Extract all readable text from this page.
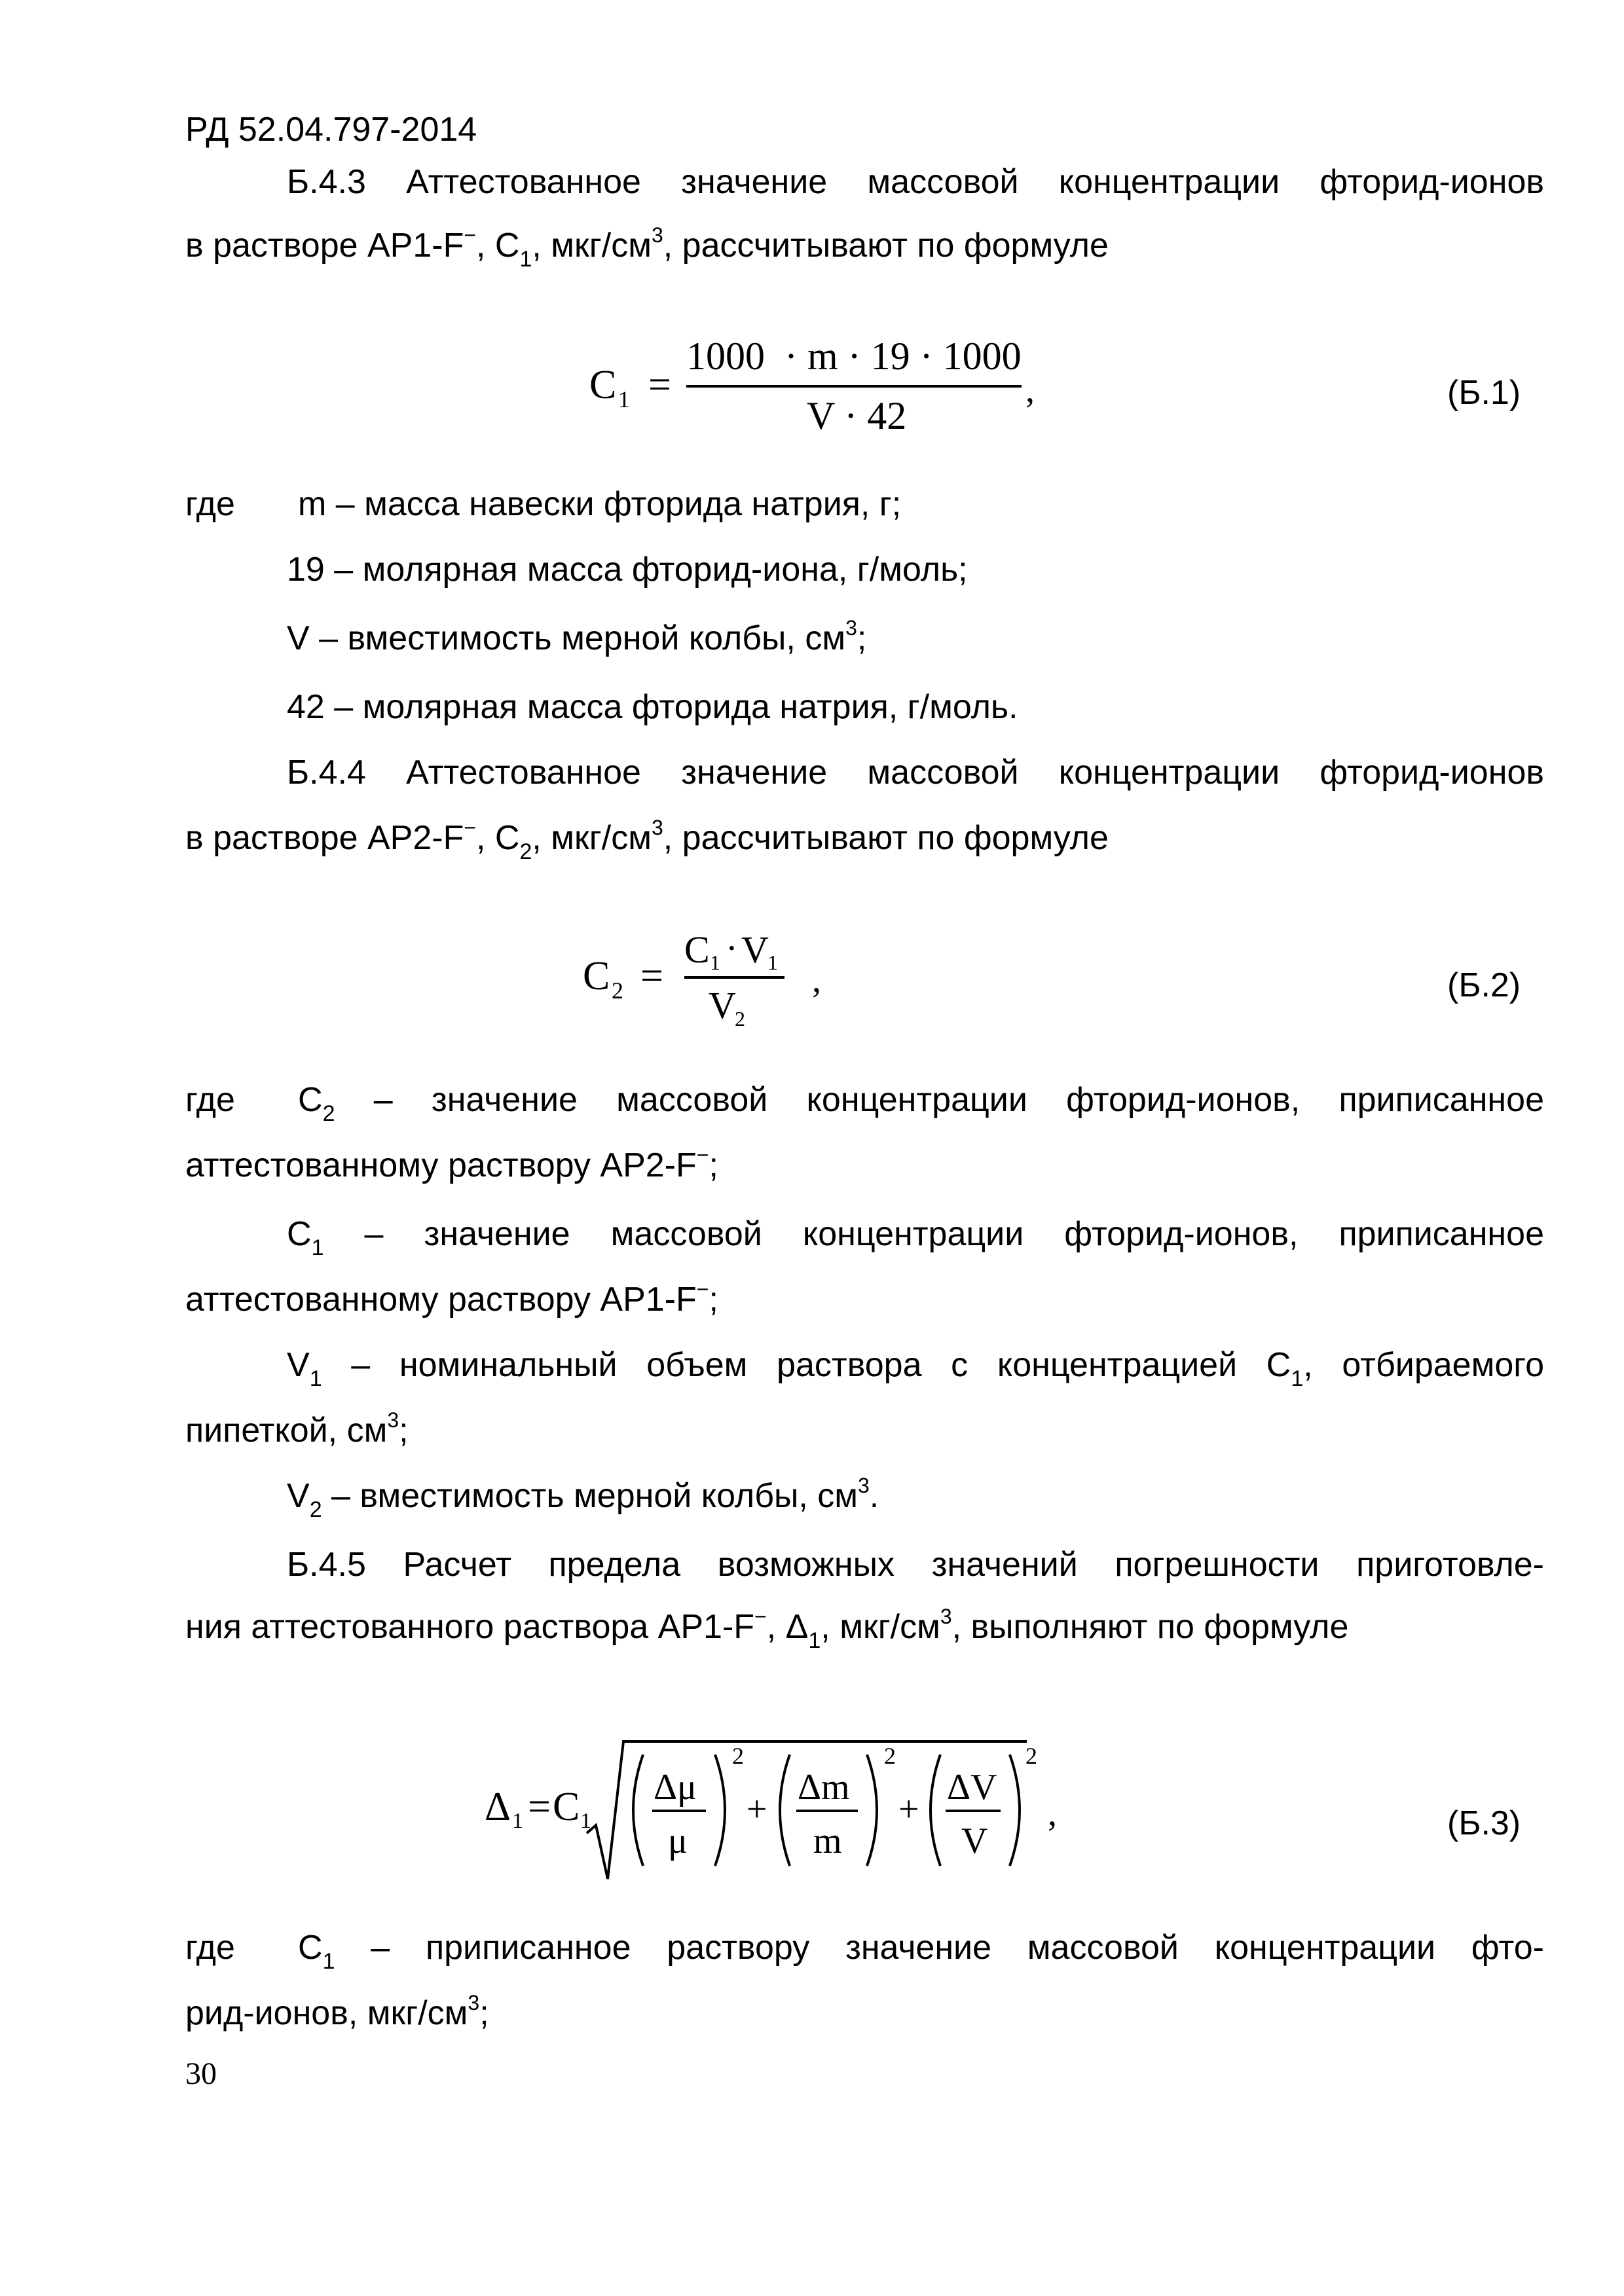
РД 52.04.797-2014
Б.4.3 Аттестованное значение массовой концентрации фторид-ионов
в растворе АР1-F−, $С_1$, мкг/$см^3$, рассчитывают по формуле
C 1 =
1000  · m · 19 · 1000
V · 42
,	(Б.1)
где m – масса навески фторида натрия, г;
19 – молярная масса фторид-иона, г/моль;
V – вместимость мерной колбы, $см^3$;
42 – молярная масса фторида натрия, г/моль.
Б.4.4 Аттестованное значение массовой концентрации фторид-ионов
в растворе АР2-F−, $С_2$, мкг/$см^3$, рассчитывают по формуле
C 2 =
C 1 · V
1
V
2
,	(Б.2)
где $С_2$ – значение массовой концентрации фторид-ионов, приписанное
аттестованному раствору АР2-F−;
$С_1$ – значение массовой концентрации фторид-ионов, приписанное
аттестованному раствору АР1-F−;
$V_1$ – номинальный объем раствора с концентрацией $С_1$, отбираемого
пипеткой, $см^3$;
$V_2$ – вместимость мерной колбы, $см^3$.
Б.4.5 Расчет предела возможных значений погрешности приготовле-
ния аттестованного раствора АР1-F−, $\Delta_1$, мкг/$см^3$, выполняют по формуле
Δ 1 = C 1
Δμ
μ
2
+
Δm
m
2
+
ΔV
V
2
,	(Б.3)
где $С_1$ – приписанное раствору значение массовой концентрации фто-
рид-ионов, мкг/$см^3$;
30
